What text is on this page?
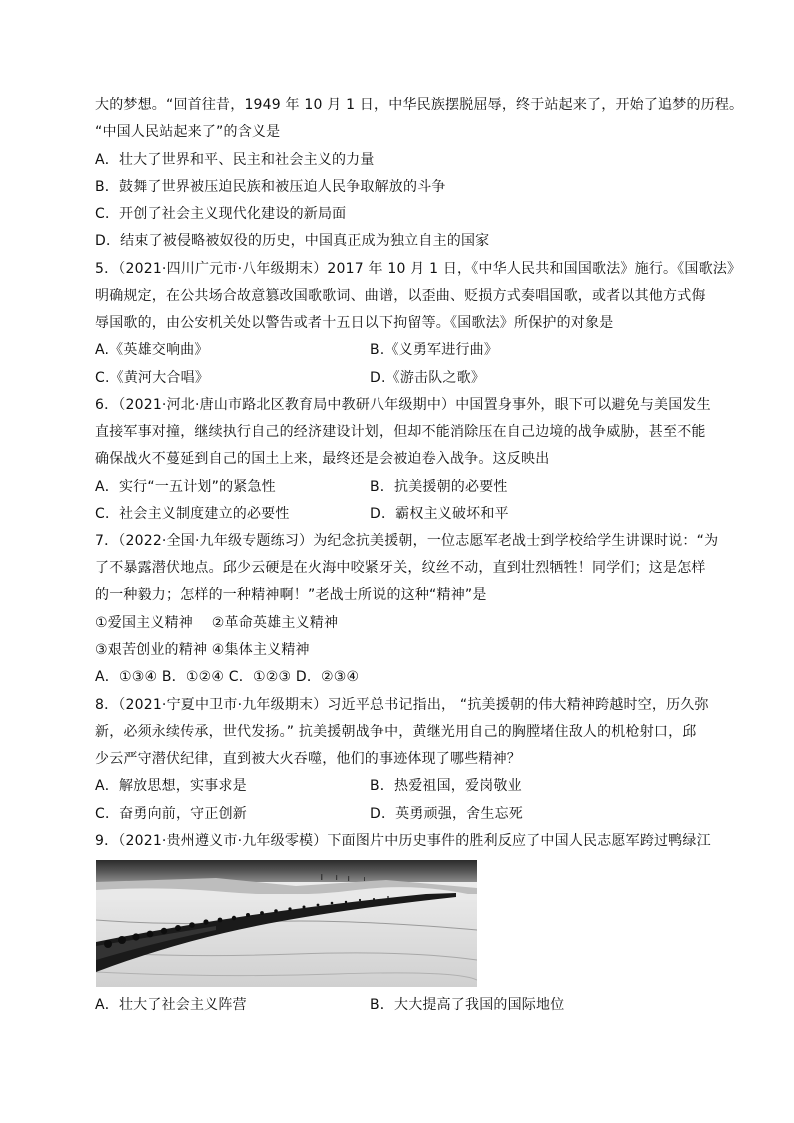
大的梦想。“回首往昔，1949 年 10 月 1 日，中华民族摆脱屈辱，终于站起来了，开始了追梦的历程。
“中国人民站起来了”的含义是
A．壮大了世界和平、民主和社会主义的力量
B．鼓舞了世界被压迫民族和被压迫人民争取解放的斗争
C．开创了社会主义现代化建设的新局面
D．结束了被侵略被奴役的历史，中国真正成为独立自主的国家
5．（2021·四川广元市·八年级期末）2017 年 10 月 1 日，《中华人民共和国国歌法》施行。《国歌法》
明确规定，在公共场合故意篡改国歌歌词、曲谱，以歪曲、贬损方式奏唱国歌，或者以其他方式侮
辱国歌的，由公安机关处以警告或者十五日以下拘留等。《国歌法》所保护的对象是
A.《英雄交响曲》	B.《义勇军进行曲》
C.《黄河大合唱》	D.《游击队之歌》
6．（2021·河北·唐山市路北区教育局中教研八年级期中）中国置身事外，眼下可以避免与美国发生
直接军事对撞，继续执行自己的经济建设计划，但却不能消除压在自己边境的战争威胁，甚至不能
确保战火不蔓延到自己的国土上来，最终还是会被迫卷入战争。这反映出
A．实行“一五计划”的紧急性	B．抗美援朝的必要性
C．社会主义制度建立的必要性	D．霸权主义破坏和平
7．（2022·全国·九年级专题练习）为纪念抗美援朝，一位志愿军老战士到学校给学生讲课时说：“为
了不暴露潜伏地点。邱少云硬是在火海中咬紧牙关，纹丝不动，直到壮烈牺牲！同学们；这是怎样
的一种毅力；怎样的一种精神啊！”老战士所说的这种“精神”是
①爱国主义精神　 ②革命英雄主义精神
③艰苦创业的精神 ④集体主义精神
A．①③④ B．①②④ C．①②③ D．②③④
8．（2021·宁夏中卫市·九年级期末）习近平总书记指出， “抗美援朝的伟大精神跨越时空，历久弥
新，必须永续传承，世代发扬。” 抗美援朝战争中，黄继光用自己的胸膛堵住敌人的机枪射口，邱
少云严守潜伏纪律，直到被大火吞噬，他们的事迹体现了哪些精神？
A．解放思想，实事求是	B．热爱祖国，爱岗敬业
C．奋勇向前，守正创新	D．英勇顽强，舍生忘死
9．（2021·贵州遵义市·九年级零模）下面图片中历史事件的胜利反应了中国人民志愿军跨过鸭绿江
A．壮大了社会主义阵营	B．大大提高了我国的国际地位
